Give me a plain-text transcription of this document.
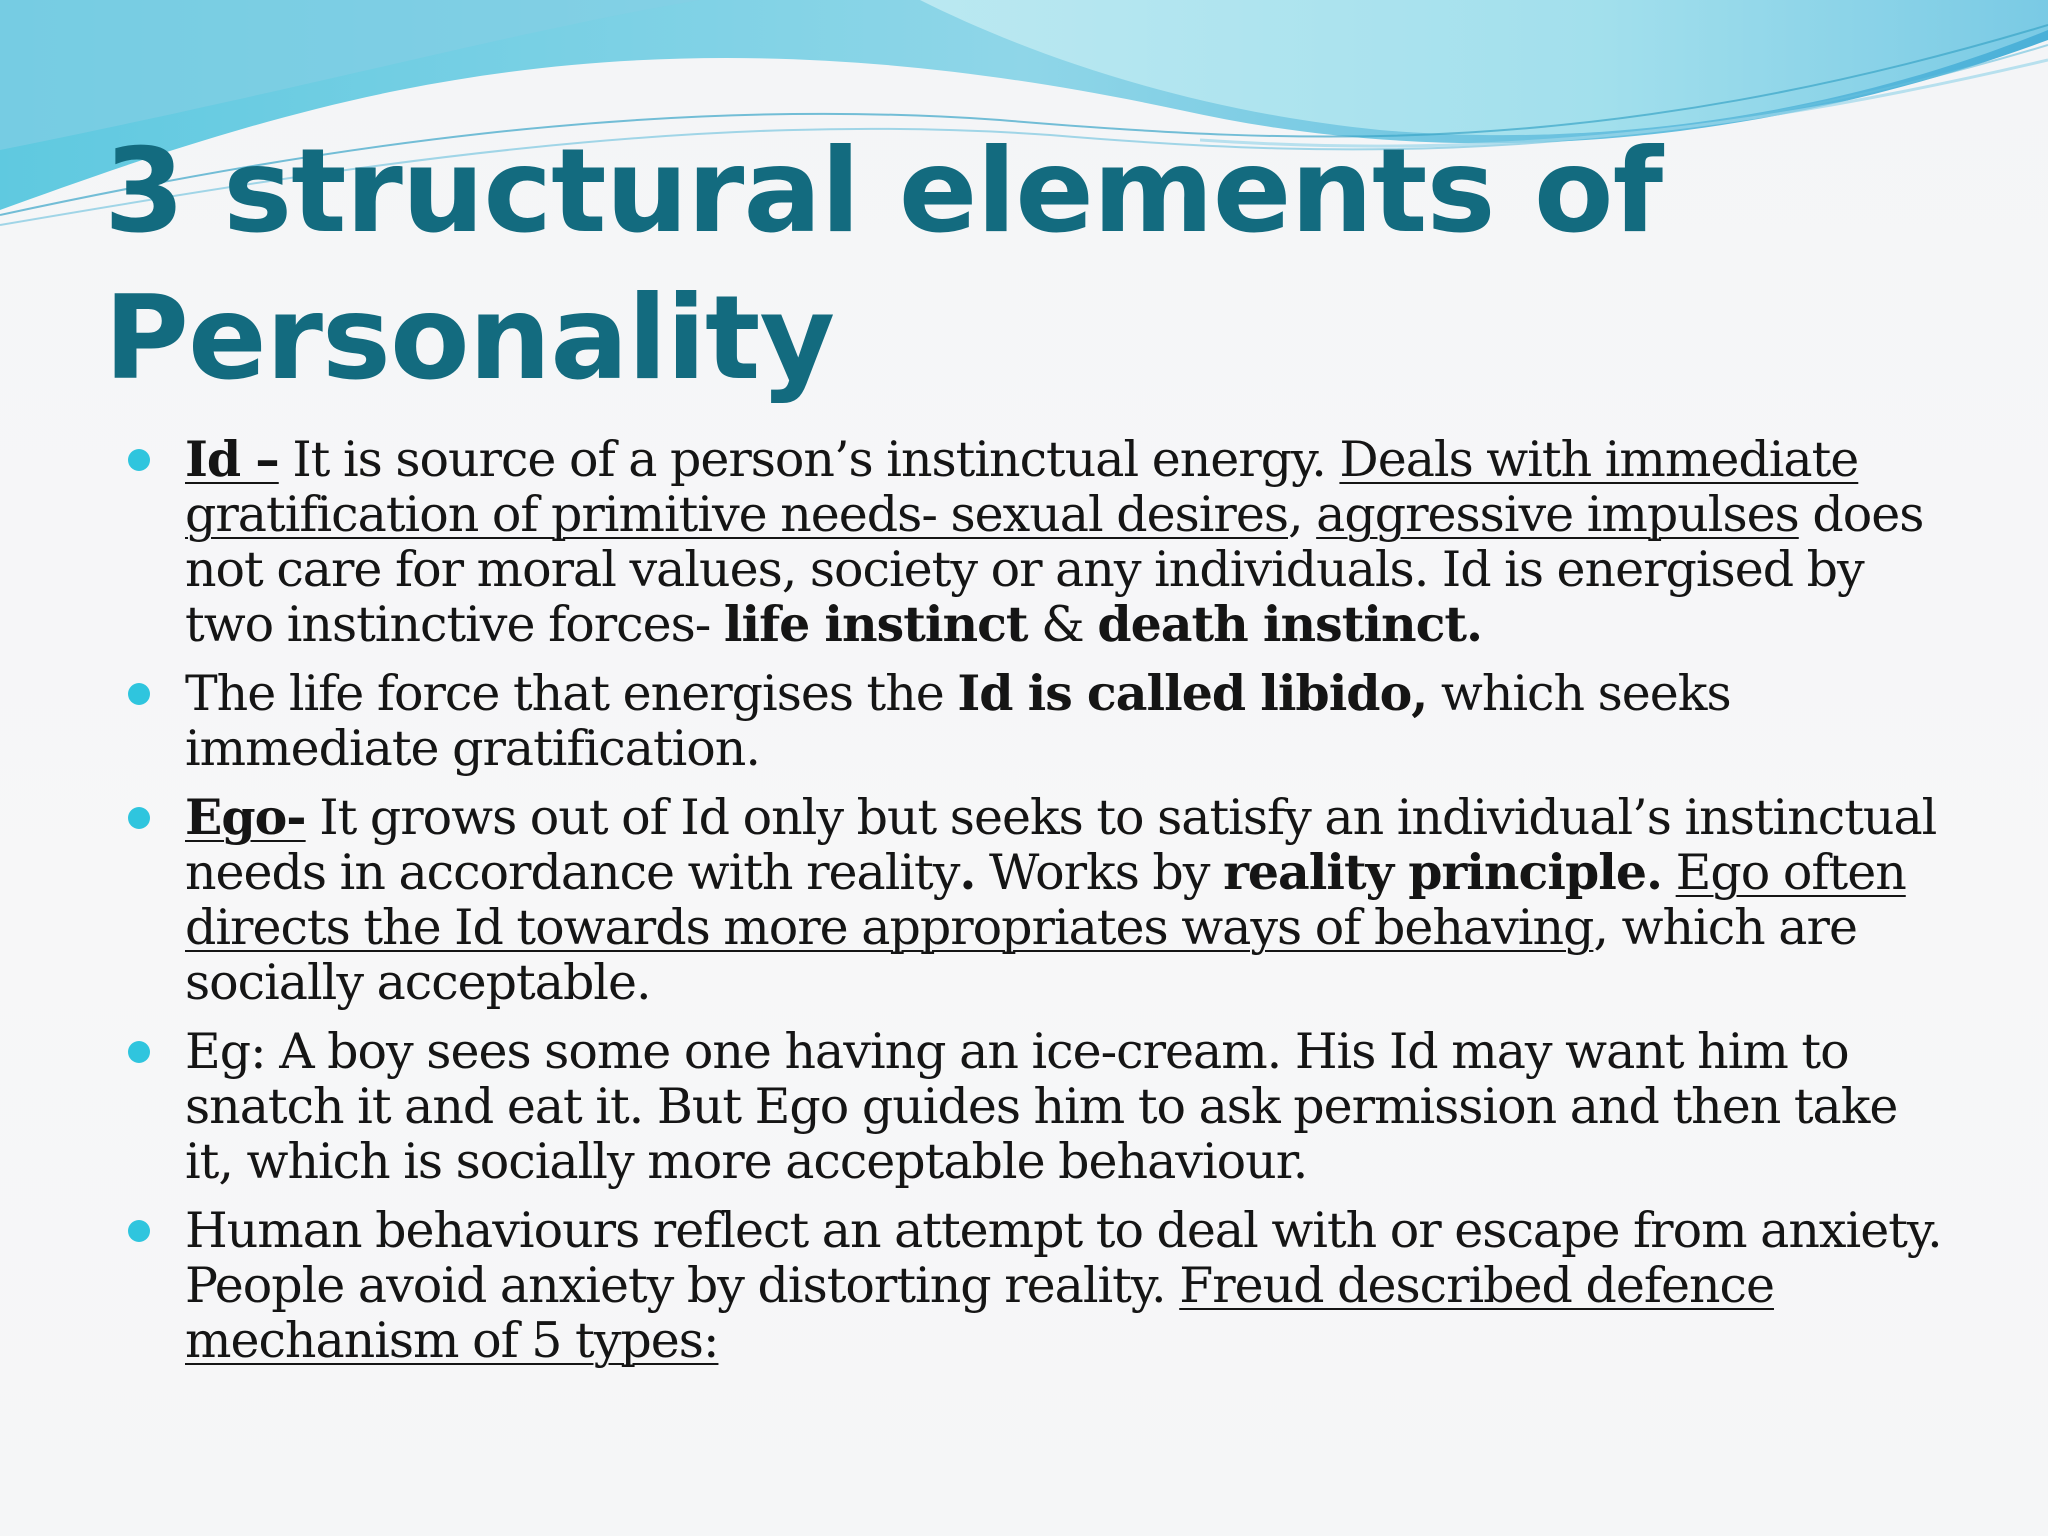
3 structural elements of Personality
Id – It is source of a person’s instinctual energy. Deals with immediate gratification of primitive needs- sexual desires, aggressive impulses does not care for moral values, society or any individuals. Id is energised by two instinctive forces- life instinct & death instinct.
The life force that energises the Id is called libido, which seeks immediate gratification.
Ego- It grows out of Id only but seeks to satisfy an individual’s instinctual needs in accordance with reality. Works by reality principle. Ego often directs the Id towards more appropriates ways of behaving, which are socially acceptable.
Eg: A boy sees some one having an ice-cream. His Id may want him to snatch it and eat it. But Ego guides him to ask permission and then take it, which is socially more acceptable behaviour.
Human behaviours reflect an attempt to deal with or escape from anxiety. People avoid anxiety by distorting reality. Freud described defence mechanism of 5 types:
